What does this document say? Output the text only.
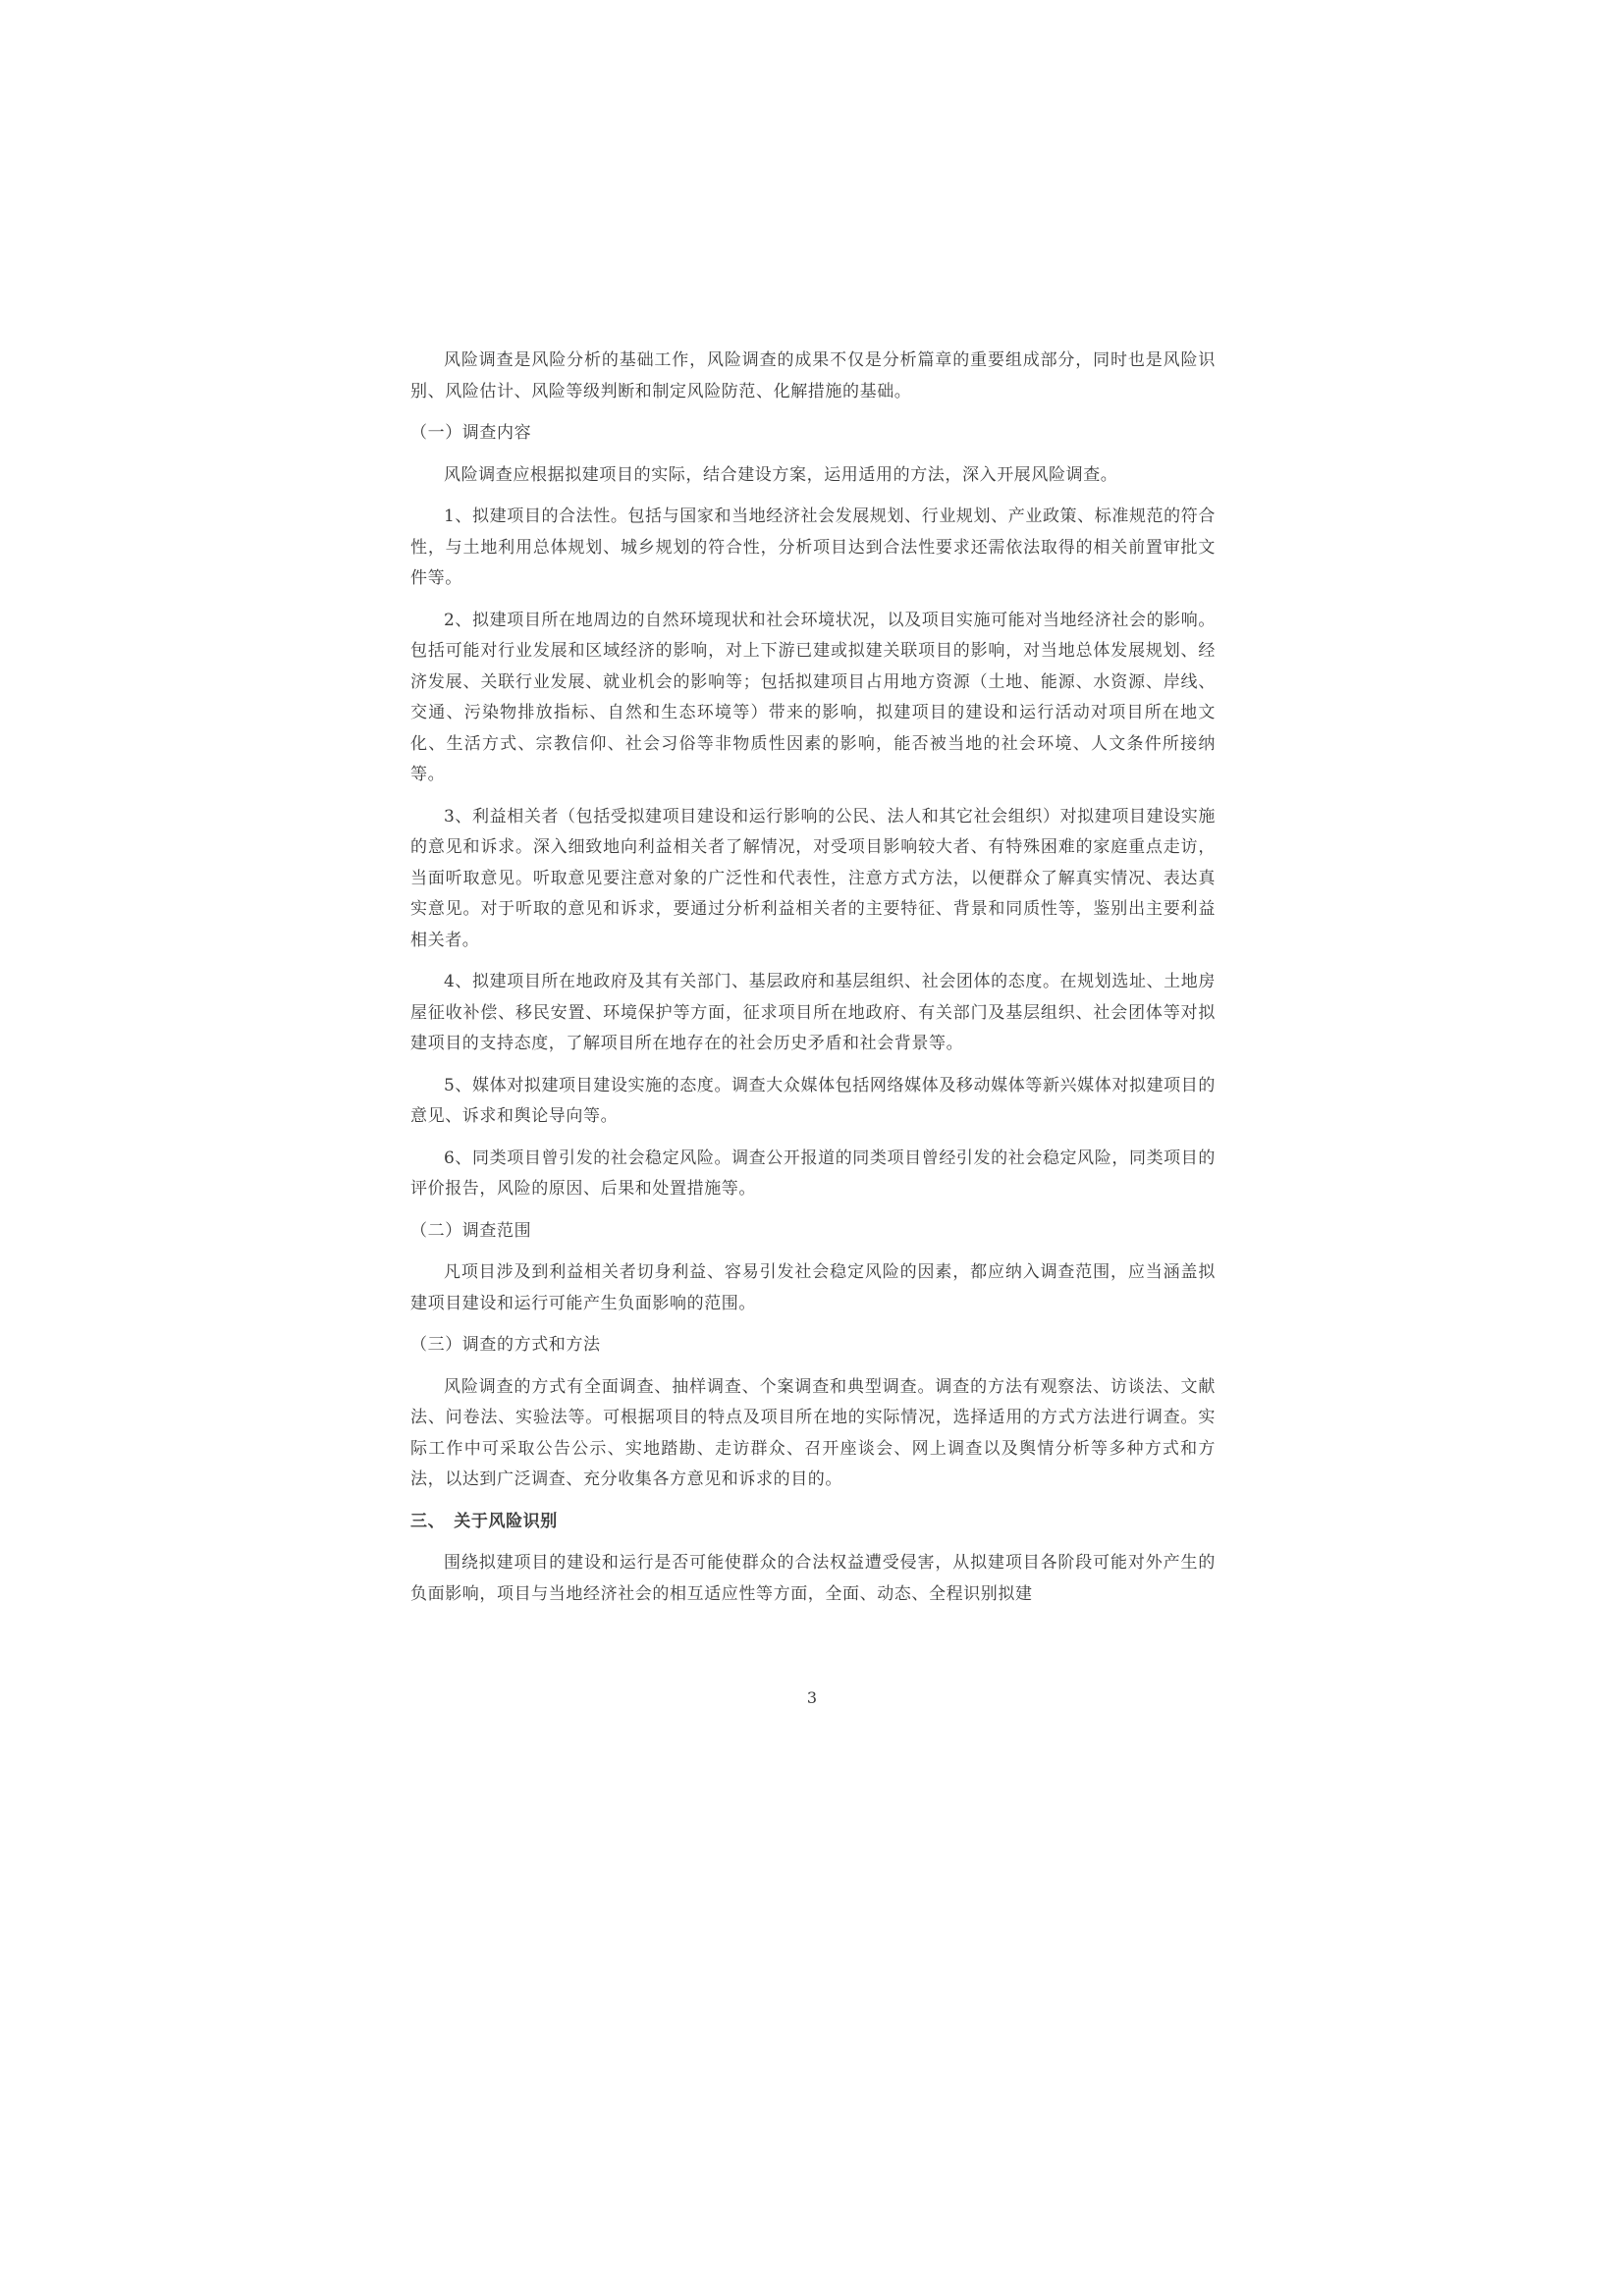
风险调查是风险分析的基础工作，风险调查的成果不仅是分析篇章的重要组成部分，同时也是风险识别、风险估计、风险等级判断和制定风险防范、化解措施的基础。

（一）调查内容

风险调查应根据拟建项目的实际，结合建设方案，运用适用的方法，深入开展风险调查。

1、拟建项目的合法性。包括与国家和当地经济社会发展规划、行业规划、产业政策、标准规范的符合性，与土地利用总体规划、城乡规划的符合性，分析项目达到合法性要求还需依法取得的相关前置审批文件等。

2、拟建项目所在地周边的自然环境现状和社会环境状况，以及项目实施可能对当地经济社会的影响。包括可能对行业发展和区域经济的影响，对上下游已建或拟建关联项目的影响，对当地总体发展规划、经济发展、关联行业发展、就业机会的影响等；包括拟建项目占用地方资源（土地、能源、水资源、岸线、交通、污染物排放指标、自然和生态环境等）带来的影响，拟建项目的建设和运行活动对项目所在地文化、生活方式、宗教信仰、社会习俗等非物质性因素的影响，能否被当地的社会环境、人文条件所接纳等。

3、利益相关者（包括受拟建项目建设和运行影响的公民、法人和其它社会组织）对拟建项目建设实施的意见和诉求。深入细致地向利益相关者了解情况，对受项目影响较大者、有特殊困难的家庭重点走访，当面听取意见。听取意见要注意对象的广泛性和代表性，注意方式方法，以便群众了解真实情况、表达真实意见。对于听取的意见和诉求，要通过分析利益相关者的主要特征、背景和同质性等，鉴别出主要利益相关者。

4、拟建项目所在地政府及其有关部门、基层政府和基层组织、社会团体的态度。在规划选址、土地房屋征收补偿、移民安置、环境保护等方面，征求项目所在地政府、有关部门及基层组织、社会团体等对拟建项目的支持态度，了解项目所在地存在的社会历史矛盾和社会背景等。

5、媒体对拟建项目建设实施的态度。调查大众媒体包括网络媒体及移动媒体等新兴媒体对拟建项目的意见、诉求和舆论导向等。

6、同类项目曾引发的社会稳定风险。调查公开报道的同类项目曾经引发的社会稳定风险，同类项目的评价报告，风险的原因、后果和处置措施等。

（二）调查范围

凡项目涉及到利益相关者切身利益、容易引发社会稳定风险的因素，都应纳入调查范围，应当涵盖拟建项目建设和运行可能产生负面影响的范围。

（三）调查的方式和方法

风险调查的方式有全面调查、抽样调查、个案调查和典型调查。调查的方法有观察法、访谈法、文献法、问卷法、实验法等。可根据项目的特点及项目所在地的实际情况，选择适用的方式方法进行调查。实际工作中可采取公告公示、实地踏勘、走访群众、召开座谈会、网上调查以及舆情分析等多种方式和方法，以达到广泛调查、充分收集各方意见和诉求的目的。

三、　关于风险识别

围绕拟建项目的建设和运行是否可能使群众的合法权益遭受侵害，从拟建项目各阶段可能对外产生的负面影响，项目与当地经济社会的相互适应性等方面，全面、动态、全程识别拟建

3
